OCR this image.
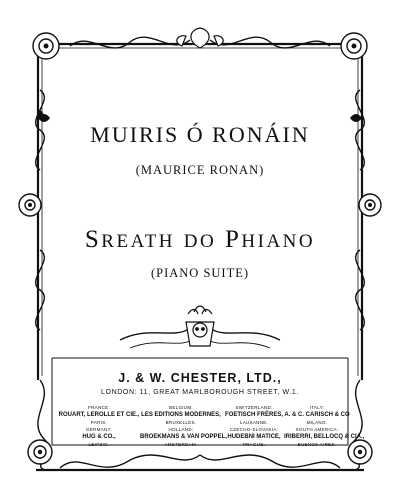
MUIRIS Ó RONÁIN
(MAURICE RONAN)
SREATH DO PHIANO
(PIANO SUITE)
J. & W. CHESTER, LTD.,
LONDON: 11, GREAT MARLBOROUGH STREET, W.1.
FRANCE:
ROUART, LEROLLE ET CIE.,
PARIS.
BELGIUM:
LES EDITIONS MODERNES,
BRUXELLES.
SWITZERLAND:
FOETISCH FRÈRES,
LAUSANNE.
ITALY:
A. & C. CARISCH & CO
MILANO.
GERMANY:
HUG & CO.,
LEIPZIG.
HOLLAND:
BROEKMANS & VAN POPPEL,
AMSTERDAM.
CZECHO-SLOVAKIA:
HUDEBNI MATICE,
PRAGUE.
SOUTH AMERICA:
IRIBERRI, BELLOCQ & CIA.,
BUENOS AIRES.
